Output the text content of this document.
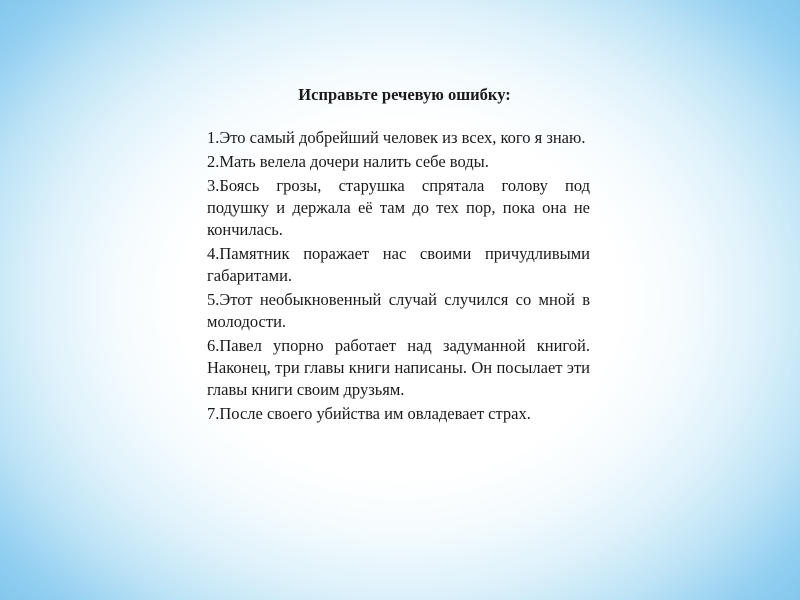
Исправьте речевую ошибку:
1.Это самый добрейший человек из всех, кого я знаю.
2.Мать велела дочери налить себе воды.
3.Боясь грозы, старушка спрятала голову под подушку и держала её там до тех пор, пока она не кончилась.
4.Памятник поражает нас своими причудливыми габаритами.
5.Этот необыкновенный случай случился со мной в молодости.
6.Павел упорно работает над задуманной книгой. Наконец, три главы книги написаны. Он посылает эти главы книги своим друзьям.
7.После своего убийства им овладевает страх.
